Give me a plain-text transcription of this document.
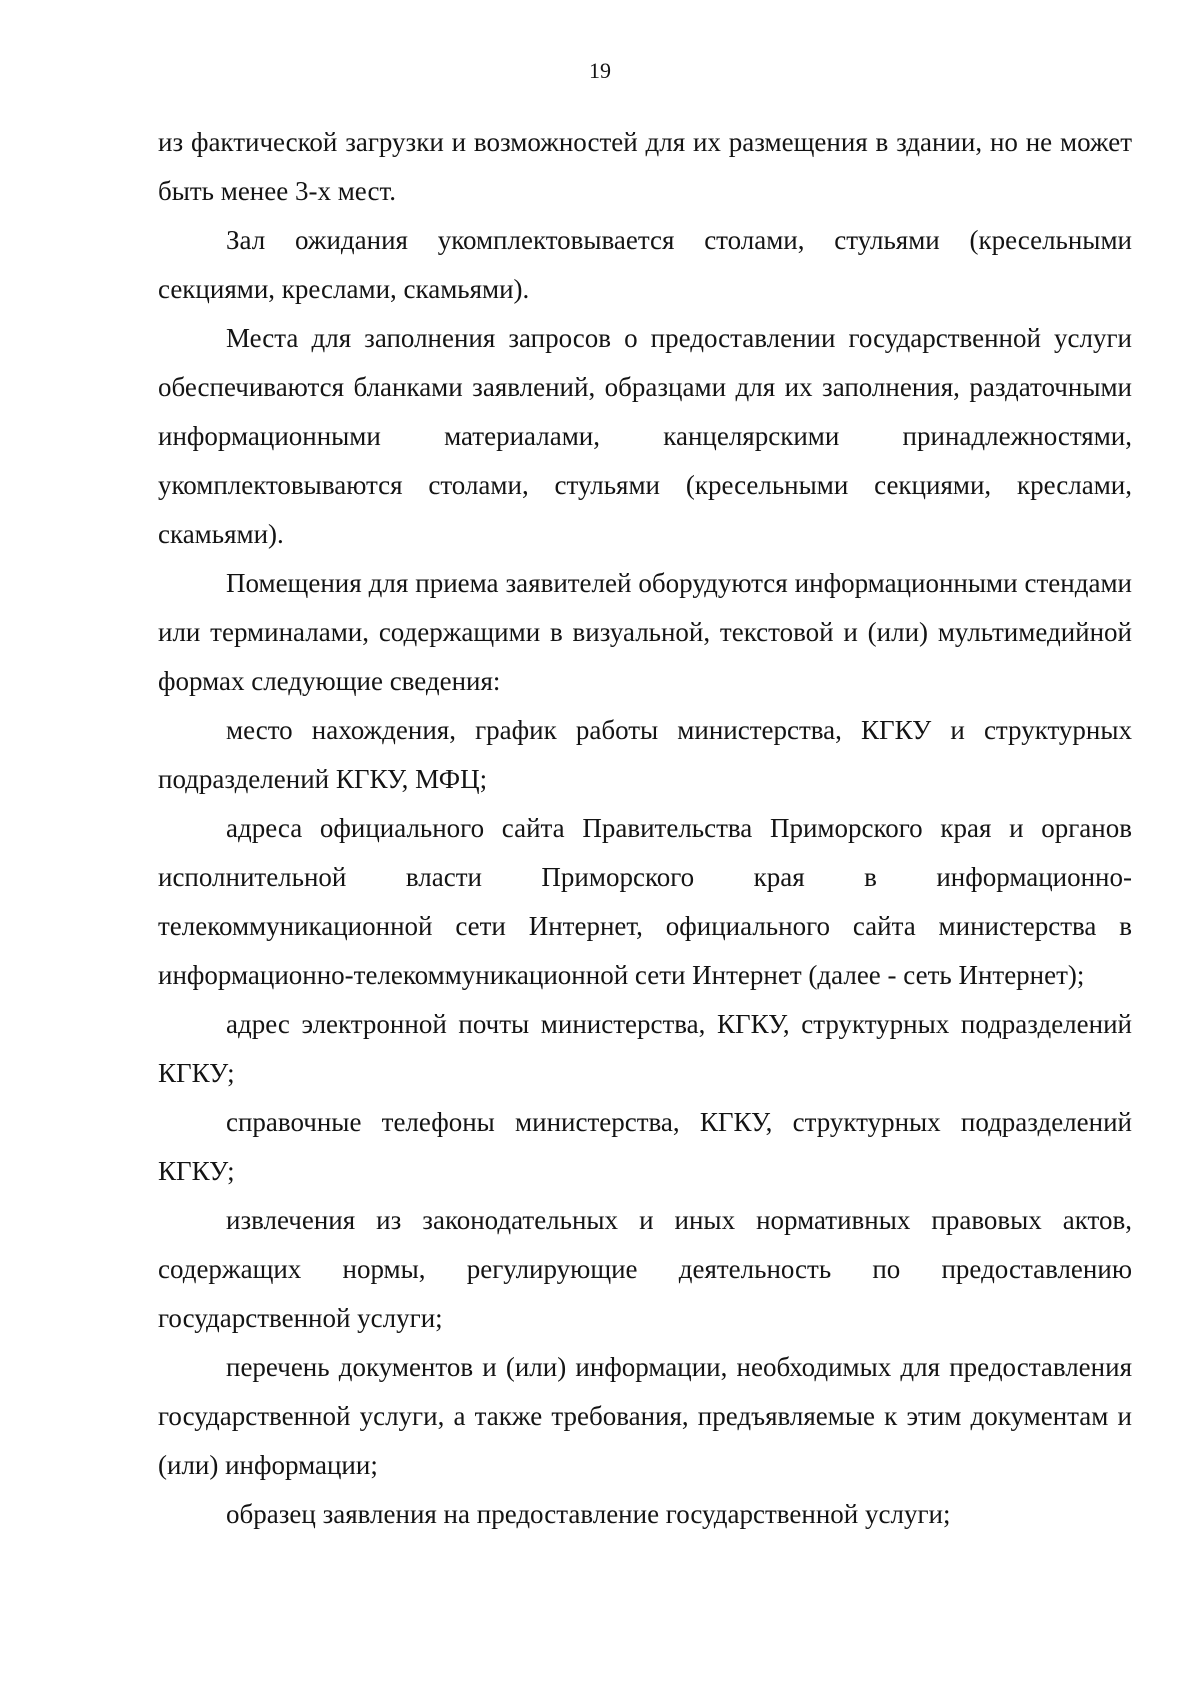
19

из фактической загрузки и возможностей для их размещения в здании, но не может быть менее 3-х мест.

Зал ожидания укомплектовывается столами, стульями (кресельными секциями, креслами, скамьями).

Места для заполнения запросов о предоставлении государственной услуги обеспечиваются бланками заявлений, образцами для их заполнения, раздаточными информационными материалами, канцелярскими принадлежностями, укомплектовываются столами, стульями (кресельными секциями, креслами, скамьями).

Помещения для приема заявителей оборудуются информационными стендами или терминалами, содержащими в визуальной, текстовой и (или) мультимедийной формах следующие сведения:

место нахождения, график работы министерства, КГКУ и структурных подразделений КГКУ, МФЦ;

адреса официального сайта Правительства Приморского края и органов исполнительной власти Приморского края в информационно-телекоммуникационной сети Интернет, официального сайта министерства в информационно-телекоммуникационной сети Интернет (далее - сеть Интернет);

адрес электронной почты министерства, КГКУ, структурных подразделений КГКУ;

справочные телефоны министерства, КГКУ, структурных подразделений КГКУ;

извлечения из законодательных и иных нормативных правовых актов, содержащих нормы, регулирующие деятельность по предоставлению государственной услуги;

перечень документов и (или) информации, необходимых для предоставления государственной услуги, а также требования, предъявляемые к этим документам и (или) информации;

образец заявления на предоставление государственной услуги;
